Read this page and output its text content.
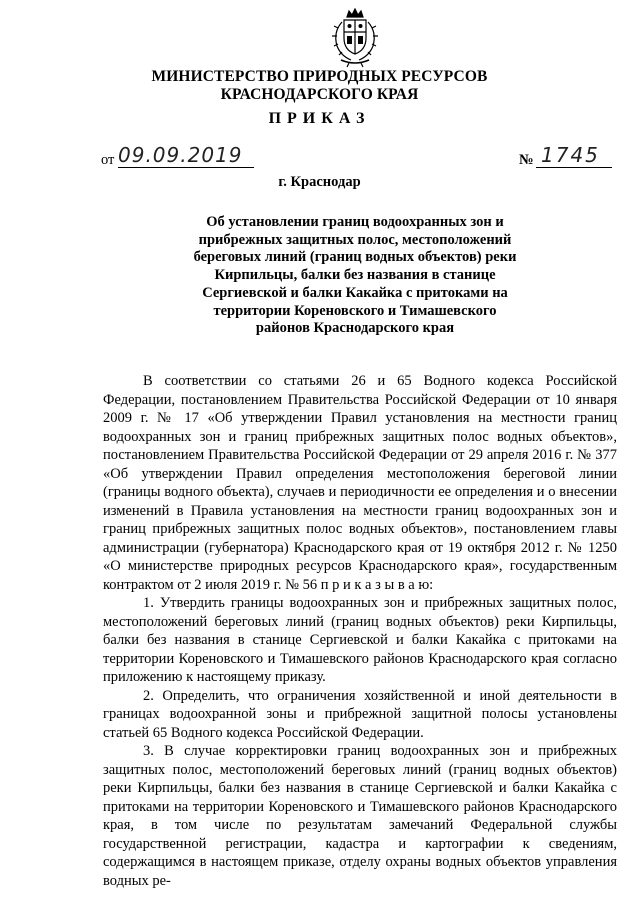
МИНИСТЕРСТВО ПРИРОДНЫХ РЕСУРСОВ
КРАСНОДАРСКОГО КРАЯ
ПРИКАЗ
от 09.09.2019	№ 1745
г. Краснодар
Об установлении границ водоохранных зон и
прибрежных защитных полос, местоположений
береговых линий (границ водных объектов) реки
Кирпильцы, балки без названия в станице
Сергиевской и балки Какайка с притоками на
территории Кореновского и Тимашевского
районов Краснодарского края

В соответствии со статьями 26 и 65 Водного кодекса Российской Федерации, постановлением Правительства Российской Федерации от 10 января 2009 г. № 17 «Об утверждении Правил установления на местности границ водоохранных зон и границ прибрежных защитных полос водных объектов», постановлением Правительства Российской Федерации от 29 апреля 2016 г. № 377 «Об утверждении Правил определения местоположения береговой линии (границы водного объекта), случаев и периодичности ее определения и о внесении изменений в Правила установления на местности границ водоохранных зон и границ прибрежных защитных полос водных объектов», постановлением главы администрации (губернатора) Краснодарского края от 19 октября 2012 г. № 1250 «О министерстве природных ресурсов Краснодарского края», государственным контрактом от 2 июля 2019 г. № 56 п р и к а з ы в а ю:

1. Утвердить границы водоохранных зон и прибрежных защитных полос, местоположений береговых линий (границ водных объектов) реки Кирпильцы, балки без названия в станице Сергиевской и балки Какайка с притоками на территории Кореновского и Тимашевского районов Краснодарского края согласно приложению к настоящему приказу.

2. Определить, что ограничения хозяйственной и иной деятельности в границах водоохранной зоны и прибрежной защитной полосы установлены статьей 65 Водного кодекса Российской Федерации.

3. В случае корректировки границ водоохранных зон и прибрежных защитных полос, местоположений береговых линий (границ водных объектов) реки Кирпильцы, балки без названия в станице Сергиевской и балки Какайка с притоками на территории Кореновского и Тимашевского районов Краснодарского края, в том числе по результатам замечаний Федеральной службы государственной регистрации, кадастра и картографии к сведениям, содержащимся в настоящем приказе, отделу охраны водных объектов управления водных ре-
